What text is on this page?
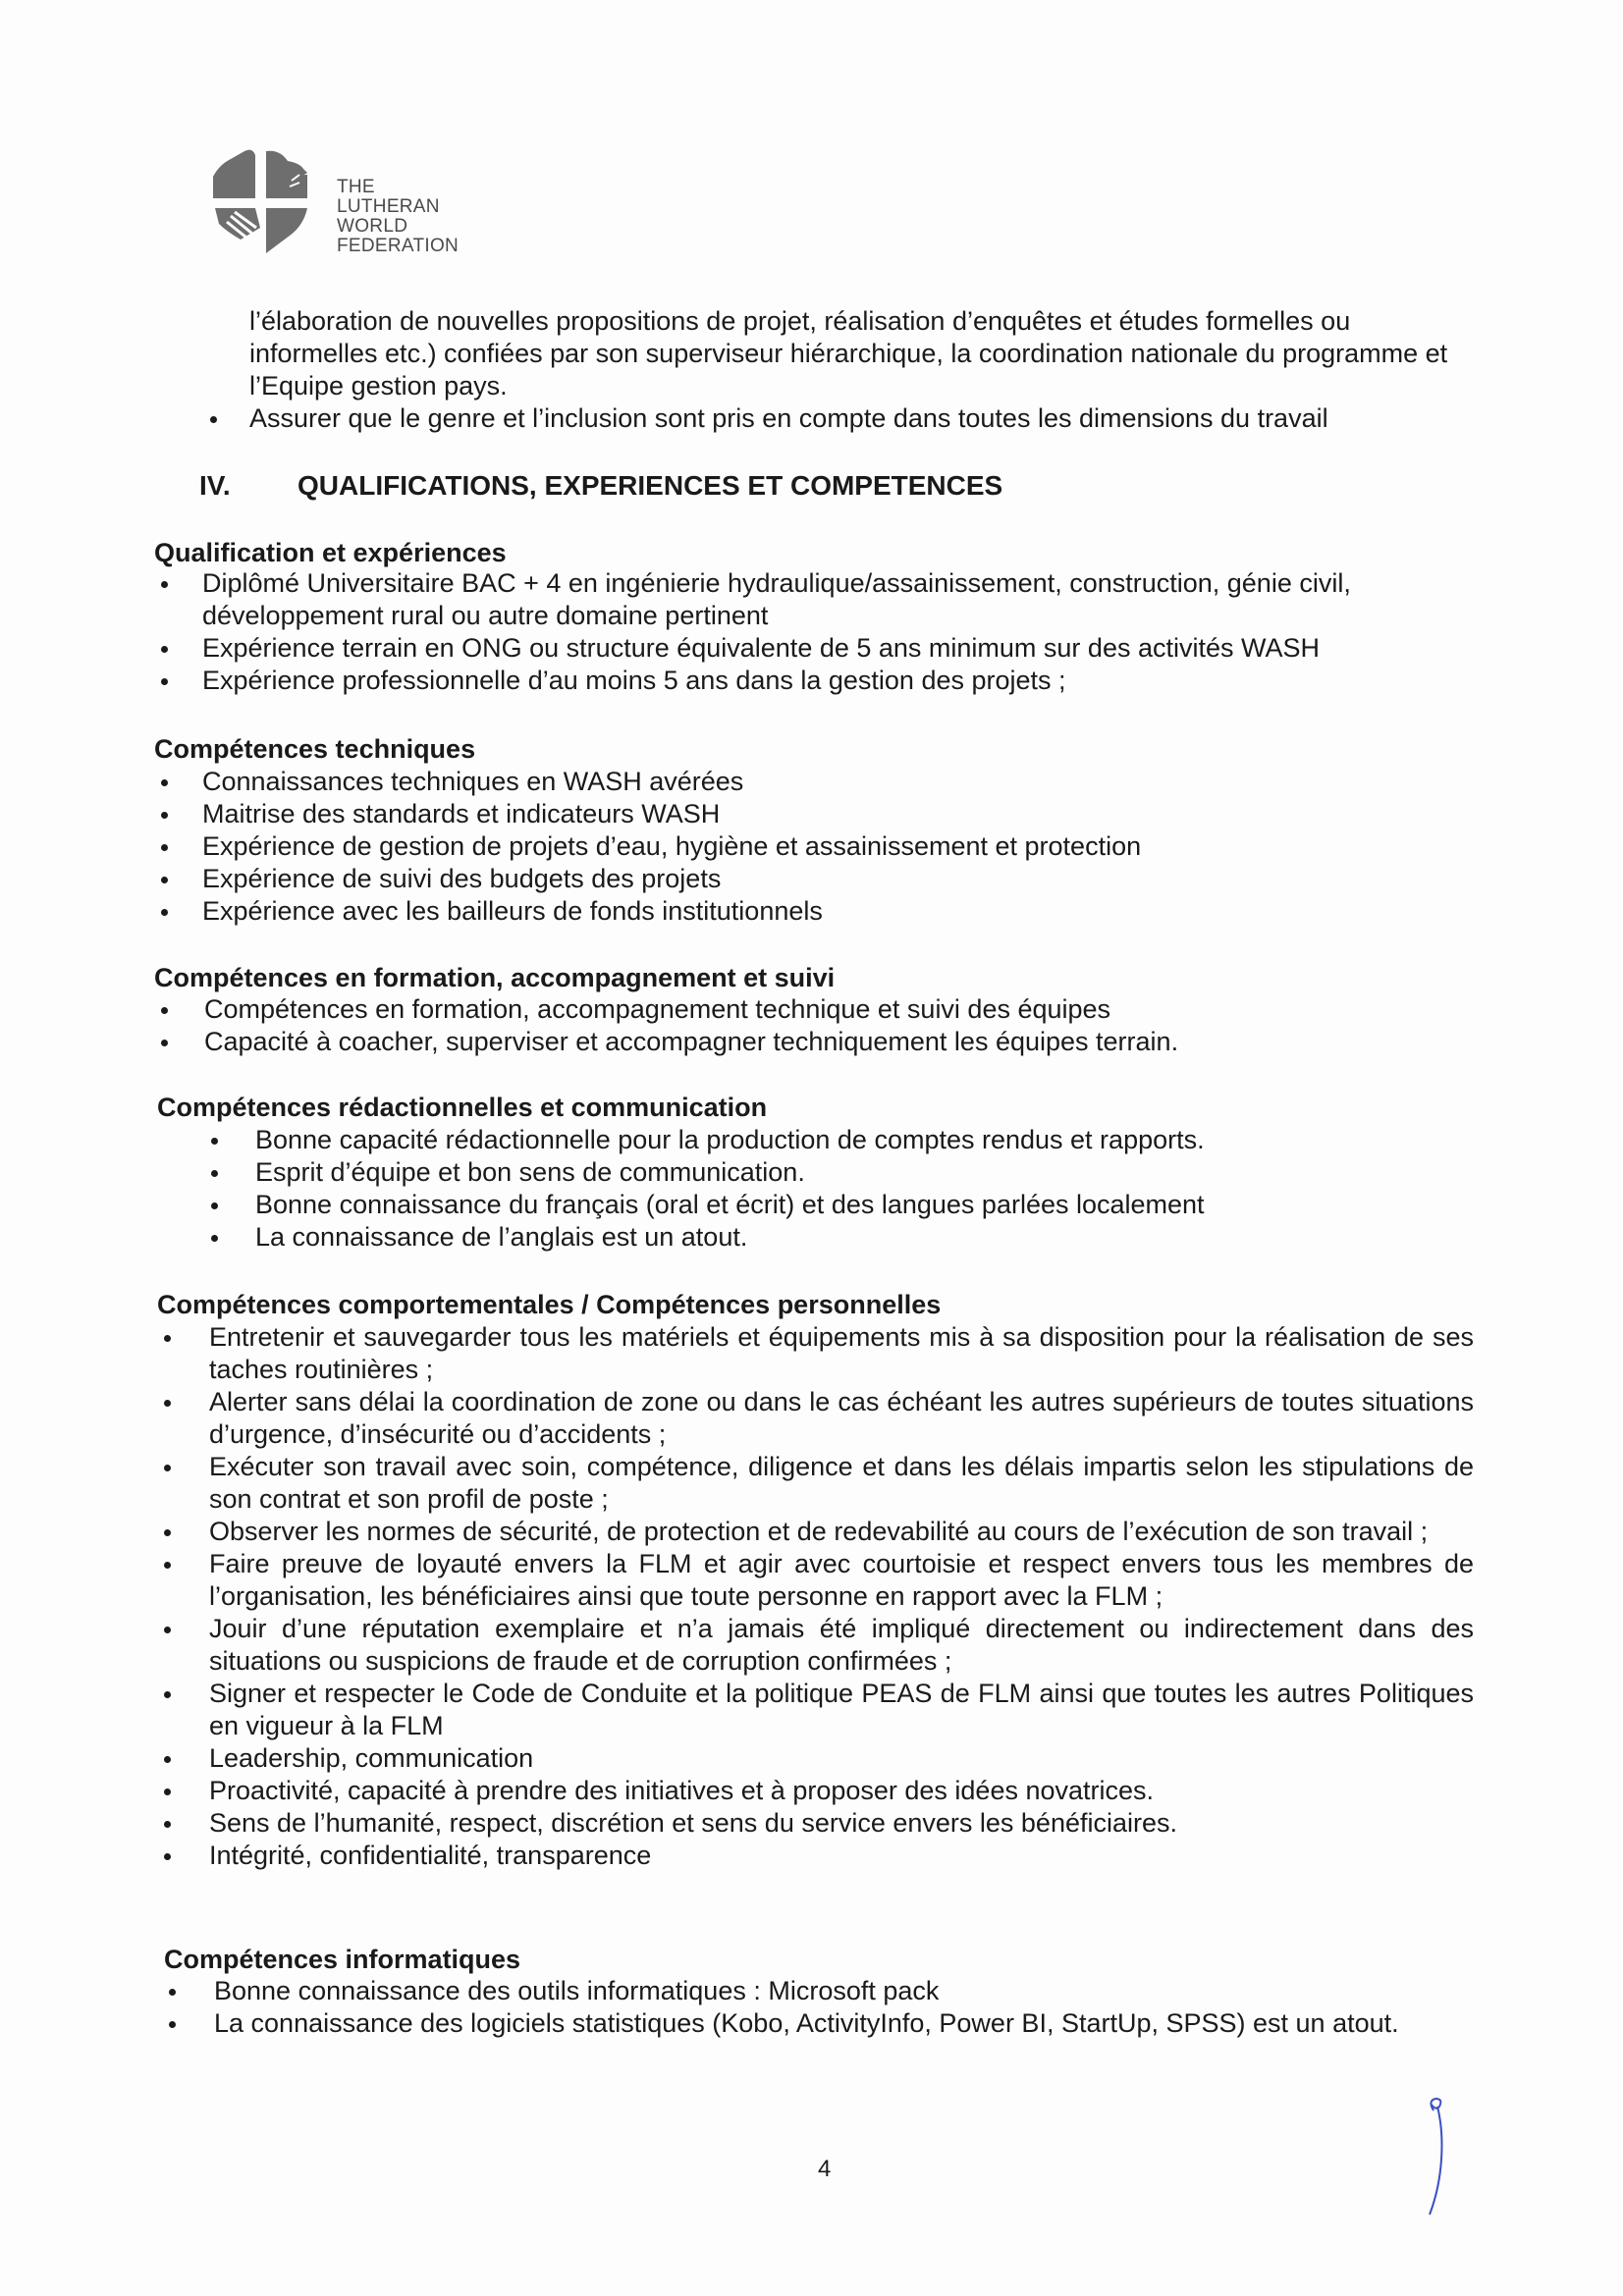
THE
LUTHERAN
WORLD
FEDERATION
l’élaboration de nouvelles propositions de projet, réalisation d’enquêtes et études formelles ou informelles etc.) confiées par son superviseur hiérarchique, la coordination nationale du programme et l’Equipe gestion pays.
Assurer que le genre et l’inclusion sont pris en compte dans toutes les dimensions du travail
IV. QUALIFICATIONS, EXPERIENCES ET COMPETENCES
Qualification et expériences
Diplômé Universitaire BAC + 4 en ingénierie hydraulique/assainissement, construction, génie civil, développement rural ou autre domaine pertinent
Expérience terrain en ONG ou structure équivalente de 5 ans minimum sur des activités WASH
Expérience professionnelle d’au moins 5 ans dans la gestion des projets ;
Compétences techniques
Connaissances techniques en WASH avérées
Maitrise des standards et indicateurs WASH
Expérience de gestion de projets d’eau, hygiène et assainissement et protection
Expérience de suivi des budgets des projets
Expérience avec les bailleurs de fonds institutionnels
Compétences en formation, accompagnement et suivi
Compétences en formation, accompagnement technique et suivi des équipes
Capacité à coacher, superviser et accompagner techniquement les équipes terrain.
Compétences rédactionnelles et communication
Bonne capacité rédactionnelle pour la production de comptes rendus et rapports.
Esprit d’équipe et bon sens de communication.
Bonne connaissance du français (oral et écrit) et des langues parlées localement
La connaissance de l’anglais est un atout.
Compétences comportementales / Compétences personnelles
Entretenir et sauvegarder tous les matériels et équipements mis à sa disposition pour la réalisation de ses taches routinières ;
Alerter sans délai la coordination de zone ou dans le cas échéant les autres supérieurs de toutes situations d’urgence, d’insécurité ou d’accidents ;
Exécuter son travail avec soin, compétence, diligence et dans les délais impartis selon les stipulations de son contrat et son profil de poste ;
Observer les normes de sécurité, de protection et de redevabilité au cours de l’exécution de son travail ;
Faire preuve de loyauté envers la FLM et agir avec courtoisie et respect envers tous les membres de l’organisation, les bénéficiaires ainsi que toute personne en rapport avec la FLM ;
Jouir d’une réputation exemplaire et n’a jamais été impliqué directement ou indirectement dans des situations ou suspicions de fraude et de corruption confirmées ;
Signer et respecter le Code de Conduite et la politique PEAS de FLM ainsi que toutes les autres Politiques en vigueur à la FLM
Leadership, communication
Proactivité, capacité à prendre des initiatives et à proposer des idées novatrices.
Sens de l’humanité, respect, discrétion et sens du service envers les bénéficiaires.
Intégrité, confidentialité, transparence
Compétences informatiques
Bonne connaissance des outils informatiques : Microsoft pack
La connaissance des logiciels statistiques (Kobo, ActivityInfo, Power BI, StartUp, SPSS) est un atout.
4
